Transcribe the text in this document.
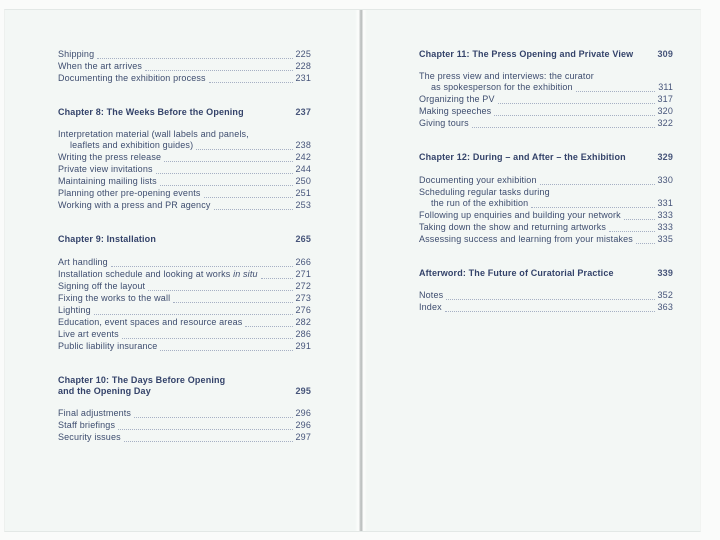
Shipping	225
When the art arrives	228
Documenting the exhibition process	231
Chapter 8: The Weeks Before the Opening	237
Interpretation material (wall labels and panels,
leaflets and exhibition guides)	238
Writing the press release	242
Private view invitations	244
Maintaining mailing lists	250
Planning other pre-opening events	251
Working with a press and PR agency	253
Chapter 9: Installation	265
Art handling	266
Installation schedule and looking at works in situ	271
Signing off the layout	272
Fixing the works to the wall	273
Lighting	276
Education, event spaces and resource areas	282
Live art events	286
Public liability insurance	291
Chapter 10: The Days Before Opening
and the Opening Day	295
Final adjustments	296
Staff briefings	296
Security issues	297
Chapter 11: The Press Opening and Private View	309
The press view and interviews: the curator
as spokesperson for the exhibition	311
Organizing the PV	317
Making speeches	320
Giving tours	322
Chapter 12: During – and After – the Exhibition	329
Documenting your exhibition	330
Scheduling regular tasks during
the run of the exhibition	331
Following up enquiries and building your network	333
Taking down the show and returning artworks	333
Assessing success and learning from your mistakes	335
Afterword: The Future of Curatorial Practice	339
Notes	352
Index	363
